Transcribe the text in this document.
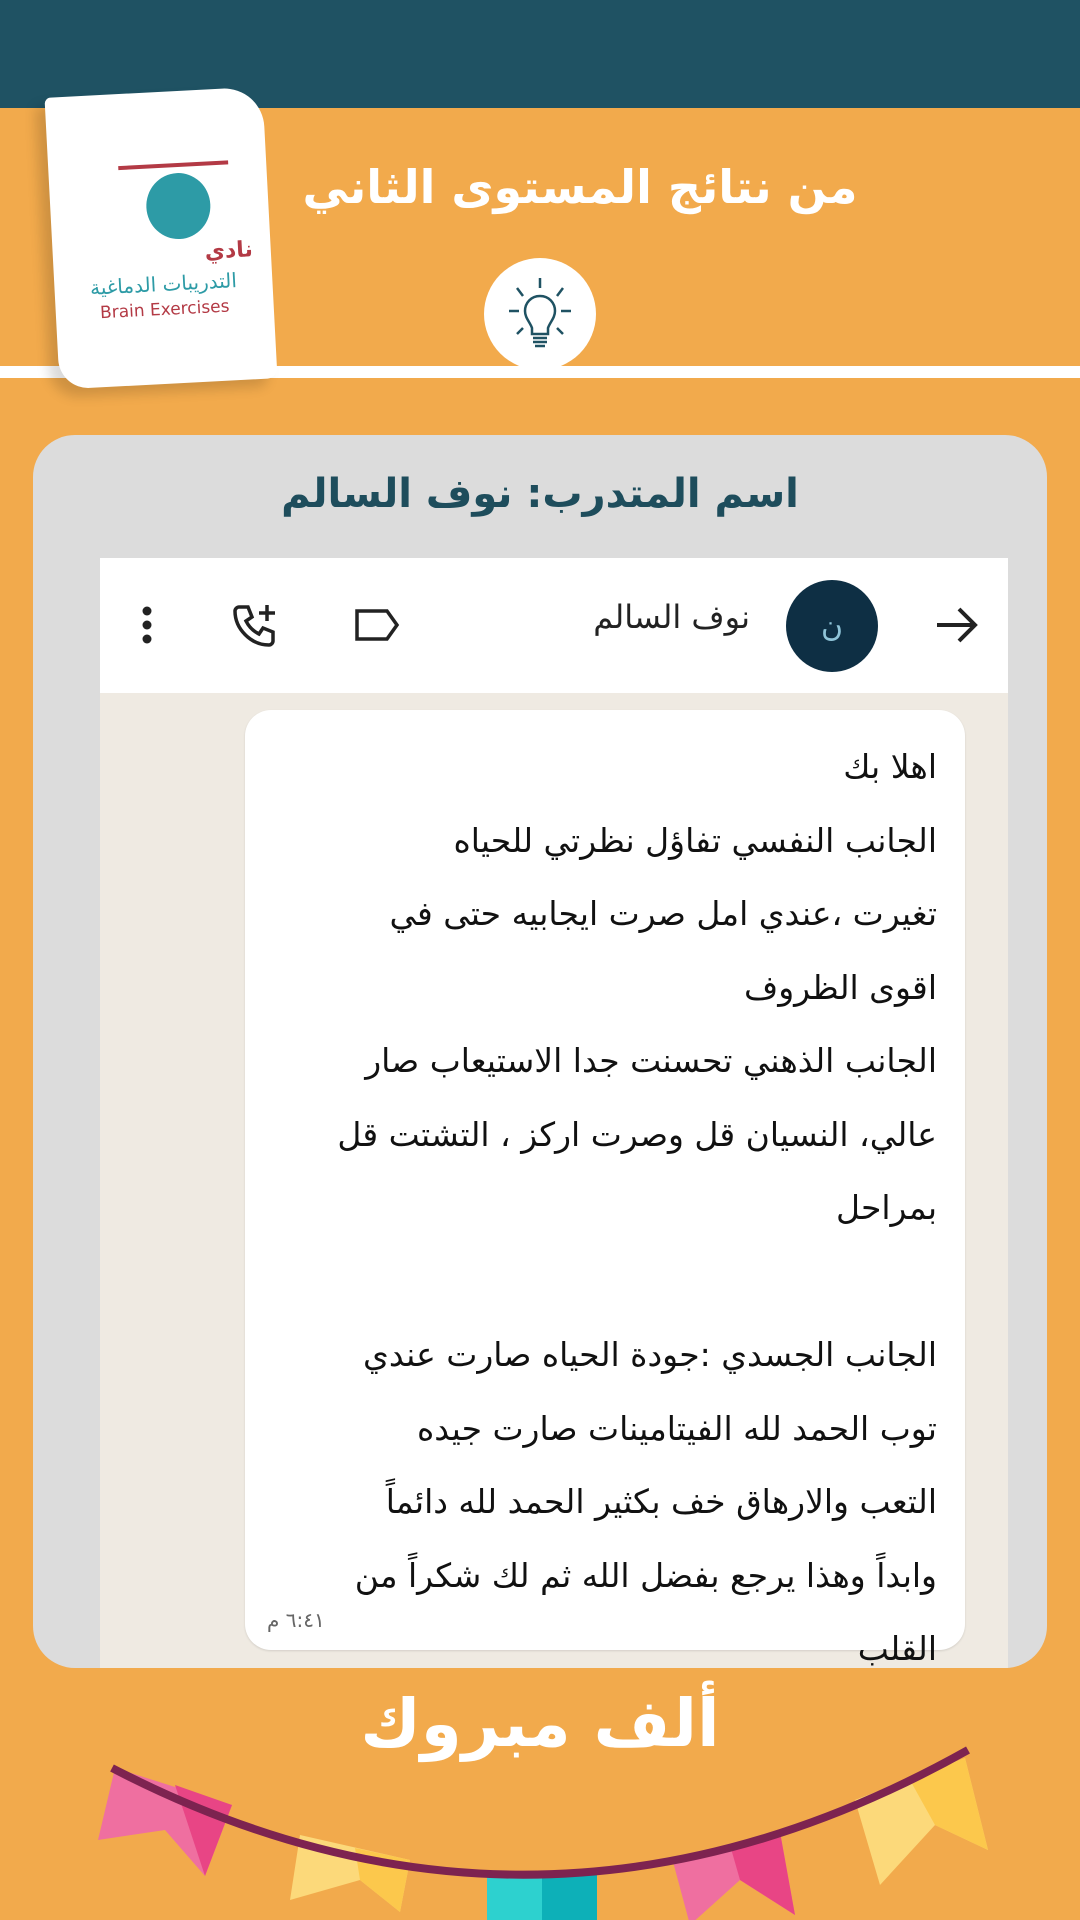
نادي
التدريبات الدماغية
Brain Exercises
من نتائج المستوى الثاني
اسم المتدرب: نوف السالم
نوف السالم	ن

اهلا بك

الجانب النفسي تفاؤل نظرتي للحياه

تغيرت ،عندي امل صرت ايجابيه حتى في

اقوى الظروف

الجانب الذهني تحسنت جدا الاستيعاب صار

عالي، النسيان قل وصرت اركز ، التشتت قل

بمراحل

الجانب الجسدي :جودة الحياه صارت عندي

توب الحمد لله الفيتامينات صارت جيده

التعب والارهاق خف بكثير الحمد لله دائماً

وابداً وهذا يرجع بفضل الله ثم لك شكراً من

القلب

٦:٤١ م
ألف مبروك
